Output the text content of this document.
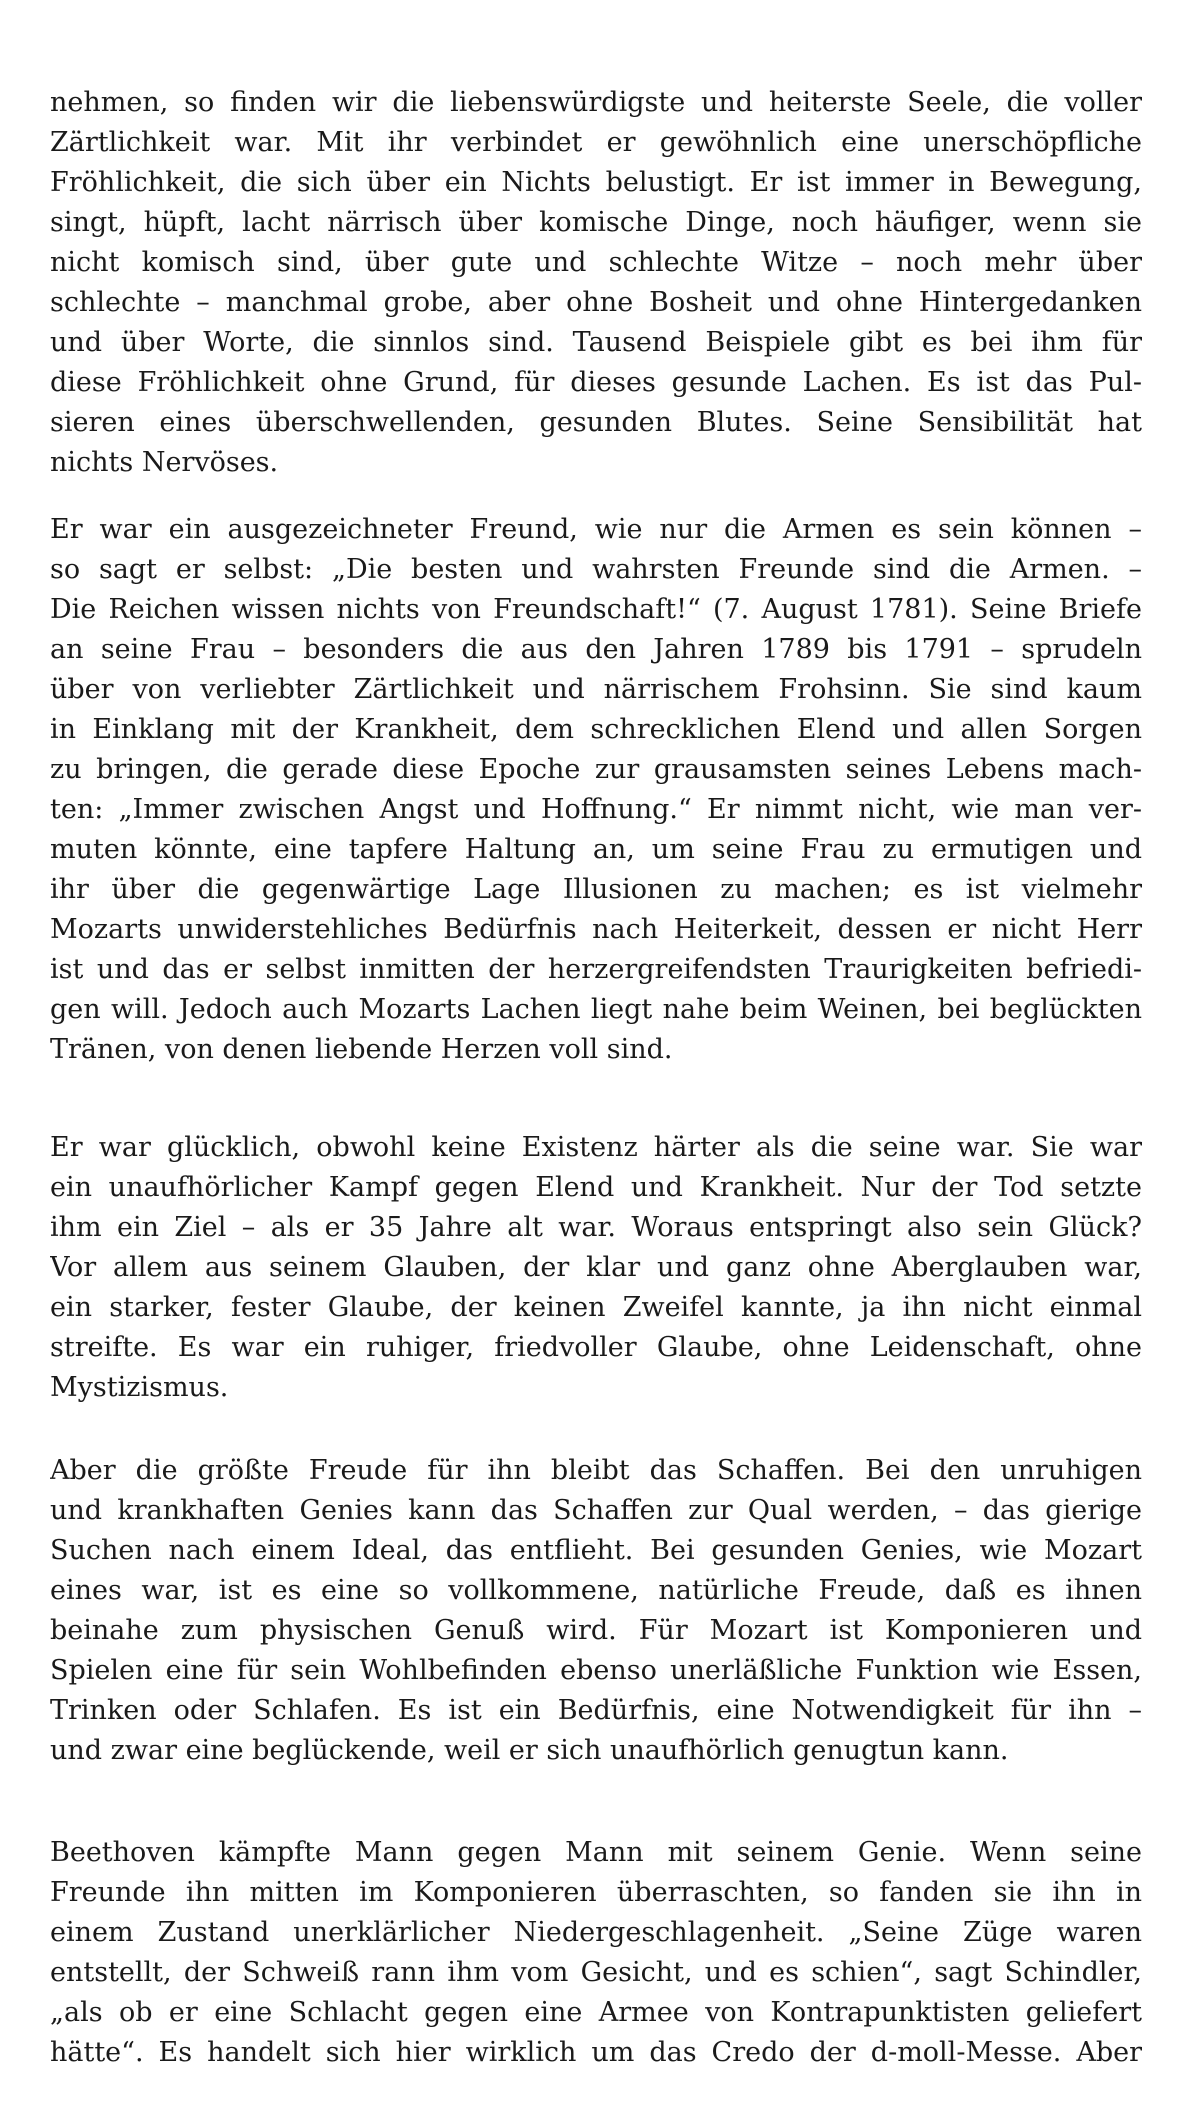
nehmen, so finden wir die liebenswürdigste und heiterste Seele, die voller
Zärtlichkeit war. Mit ihr verbindet er gewöhnlich eine unerschöpfliche
Fröhlichkeit, die sich über ein Nichts belustigt. Er ist immer in Bewegung,
singt, hüpft, lacht närrisch über komische Dinge, noch häufiger, wenn sie
nicht komisch sind, über gute und schlechte Witze – noch mehr über
schlechte – manchmal grobe, aber ohne Bosheit und ohne Hintergedanken
und über Worte, die sinnlos sind. Tausend Beispiele gibt es bei ihm für
diese Fröhlichkeit ohne Grund, für dieses gesunde Lachen. Es ist das Pul-
sieren eines überschwellenden, gesunden Blutes. Seine Sensibilität hat
nichts Nervöses.
Er war ein ausgezeichneter Freund, wie nur die Armen es sein können –
so sagt er selbst: „Die besten und wahrsten Freunde sind die Armen. –
Die Reichen wissen nichts von Freundschaft!“ (7. August 1781). Seine Briefe
an seine Frau – besonders die aus den Jahren 1789 bis 1791 – sprudeln
über von verliebter Zärtlichkeit und närrischem Frohsinn. Sie sind kaum
in Einklang mit der Krankheit, dem schrecklichen Elend und allen Sorgen
zu bringen, die gerade diese Epoche zur grausamsten seines Lebens mach-
ten: „Immer zwischen Angst und Hoffnung.“ Er nimmt nicht, wie man ver-
muten könnte, eine tapfere Haltung an, um seine Frau zu ermutigen und
ihr über die gegenwärtige Lage Illusionen zu machen; es ist vielmehr
Mozarts unwiderstehliches Bedürfnis nach Heiterkeit, dessen er nicht Herr
ist und das er selbst inmitten der herzergreifendsten Traurigkeiten befriedi-
gen will. Jedoch auch Mozarts Lachen liegt nahe beim Weinen, bei beglückten
Tränen, von denen liebende Herzen voll sind.
Er war glücklich, obwohl keine Existenz härter als die seine war. Sie war
ein unaufhörlicher Kampf gegen Elend und Krankheit. Nur der Tod setzte
ihm ein Ziel – als er 35 Jahre alt war. Woraus entspringt also sein Glück?
Vor allem aus seinem Glauben, der klar und ganz ohne Aberglauben war,
ein starker, fester Glaube, der keinen Zweifel kannte, ja ihn nicht einmal
streifte. Es war ein ruhiger, friedvoller Glaube, ohne Leidenschaft, ohne
Mystizismus.
Aber die größte Freude für ihn bleibt das Schaffen. Bei den unruhigen
und krankhaften Genies kann das Schaffen zur Qual werden, – das gierige
Suchen nach einem Ideal, das entflieht. Bei gesunden Genies, wie Mozart
eines war, ist es eine so vollkommene, natürliche Freude, daß es ihnen
beinahe zum physischen Genuß wird. Für Mozart ist Komponieren und
Spielen eine für sein Wohlbefinden ebenso unerläßliche Funktion wie Essen,
Trinken oder Schlafen. Es ist ein Bedürfnis, eine Notwendigkeit für ihn –
und zwar eine beglückende, weil er sich unaufhörlich genugtun kann.
Beethoven kämpfte Mann gegen Mann mit seinem Genie. Wenn seine
Freunde ihn mitten im Komponieren überraschten, so fanden sie ihn in
einem Zustand unerklärlicher Niedergeschlagenheit. „Seine Züge waren
entstellt, der Schweiß rann ihm vom Gesicht, und es schien“, sagt Schindler,
„als ob er eine Schlacht gegen eine Armee von Kontrapunktisten geliefert
hätte“. Es handelt sich hier wirklich um das Credo der d-moll-Messe. Aber
